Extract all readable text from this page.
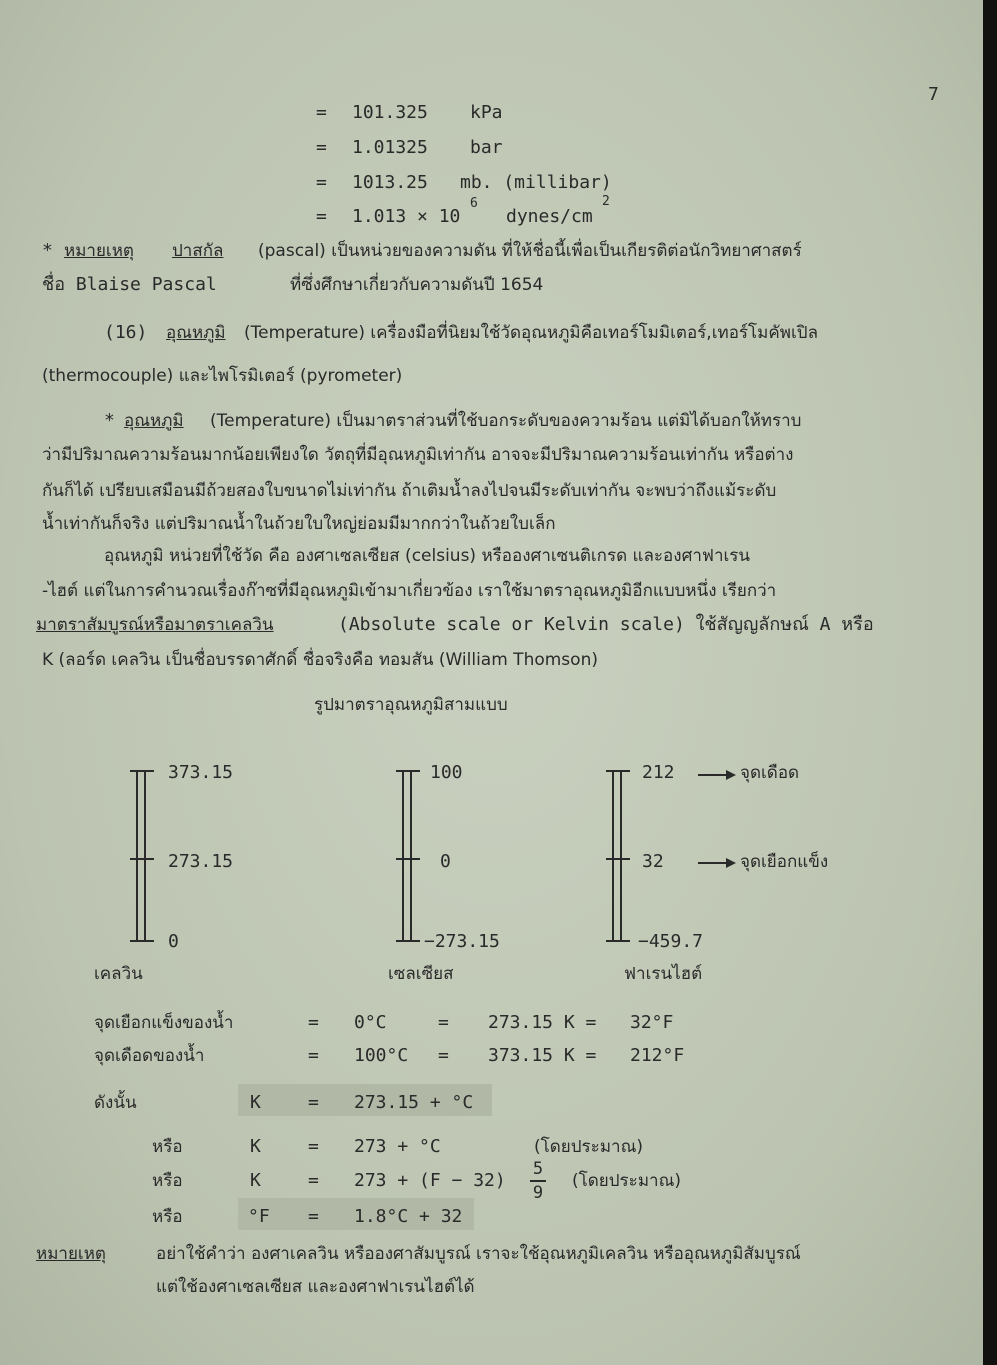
7
= 101.325 kPa
= 1.01325 bar
= 1013.25 mb. (millibar)
= 1.013 × 10
6
dynes/cm
2
* หมายเหตุ ปาสกัล (pascal) เป็นหน่วยของความดัน ที่ให้ชื่อนี้เพื่อเป็นเกียรติต่อนักวิทยาศาสตร์
ชื่อ Blaise Pascal	ที่ซึ่งศึกษาเกี่ยวกับความดันปี 1654
(16) อุณหภูมิ (Temperature) เครื่องมือที่นิยมใช้วัดอุณหภูมิคือเทอร์โมมิเตอร์,เทอร์โมคัพเปิล
(thermocouple) และไพโรมิเตอร์ (pyrometer)
* อุณหภูมิ (Temperature) เป็นมาตราส่วนที่ใช้บอกระดับของความร้อน แต่มิได้บอกให้ทราบ
ว่ามีปริมาณความร้อนมากน้อยเพียงใด วัตถุที่มีอุณหภูมิเท่ากัน อาจจะมีปริมาณความร้อนเท่ากัน หรือต่าง
กันก็ได้ เปรียบเสมือนมีถ้วยสองใบขนาดไม่เท่ากัน ถ้าเติมน้ำลงไปจนมีระดับเท่ากัน จะพบว่าถึงแม้ระดับ
น้ำเท่ากันก็จริง แต่ปริมาณน้ำในถ้วยใบใหญ่ย่อมมีมากกว่าในถ้วยใบเล็ก
อุณหภูมิ หน่วยที่ใช้วัด คือ องศาเซลเซียส (celsius) หรือองศาเซนติเกรด และองศาฟาเรน
-ไฮต์ แต่ในการคำนวณเรื่องก๊าซที่มีอุณหภูมิเข้ามาเกี่ยวข้อง เราใช้มาตราอุณหภูมิอีกแบบหนึ่ง เรียกว่า
มาตราสัมบูรณ์หรือมาตราเคลวิน	(Absolute scale or Kelvin scale) ใช้สัญญลักษณ์ A หรือ
K (ลอร์ด เคลวิน เป็นชื่อบรรดาศักดิ์ ชื่อจริงคือ ทอมสัน (William Thomson)
รูปมาตราอุณหภูมิสามแบบ
373.15
273.15
0
เคลวิน
100
0
−273.15
เซลเซียส
212
32
−459.7
ฟาเรนไฮต์
จุดเดือด
จุดเยือกแข็ง
จุดเยือกแข็งของน้ำ	= 0°C	= 273.15 K = 32°F
จุดเดือดของน้ำ	= 100°C = 373.15 K = 212°F
ดังนั้น	K	= 273.15 + °C
หรือ	K	= 273 + °C	(โดยประมาณ)
หรือ	K	= 273 + (F − 32)
5
9
(โดยประมาณ)
หรือ	°F = 1.8°C + 32
หมายเหตุ	อย่าใช้คำว่า องศาเคลวิน หรือองศาสัมบูรณ์ เราจะใช้อุณหภูมิเคลวิน หรืออุณหภูมิสัมบูรณ์
แต่ใช้องศาเซลเซียส และองศาฟาเรนไฮต์ได้
